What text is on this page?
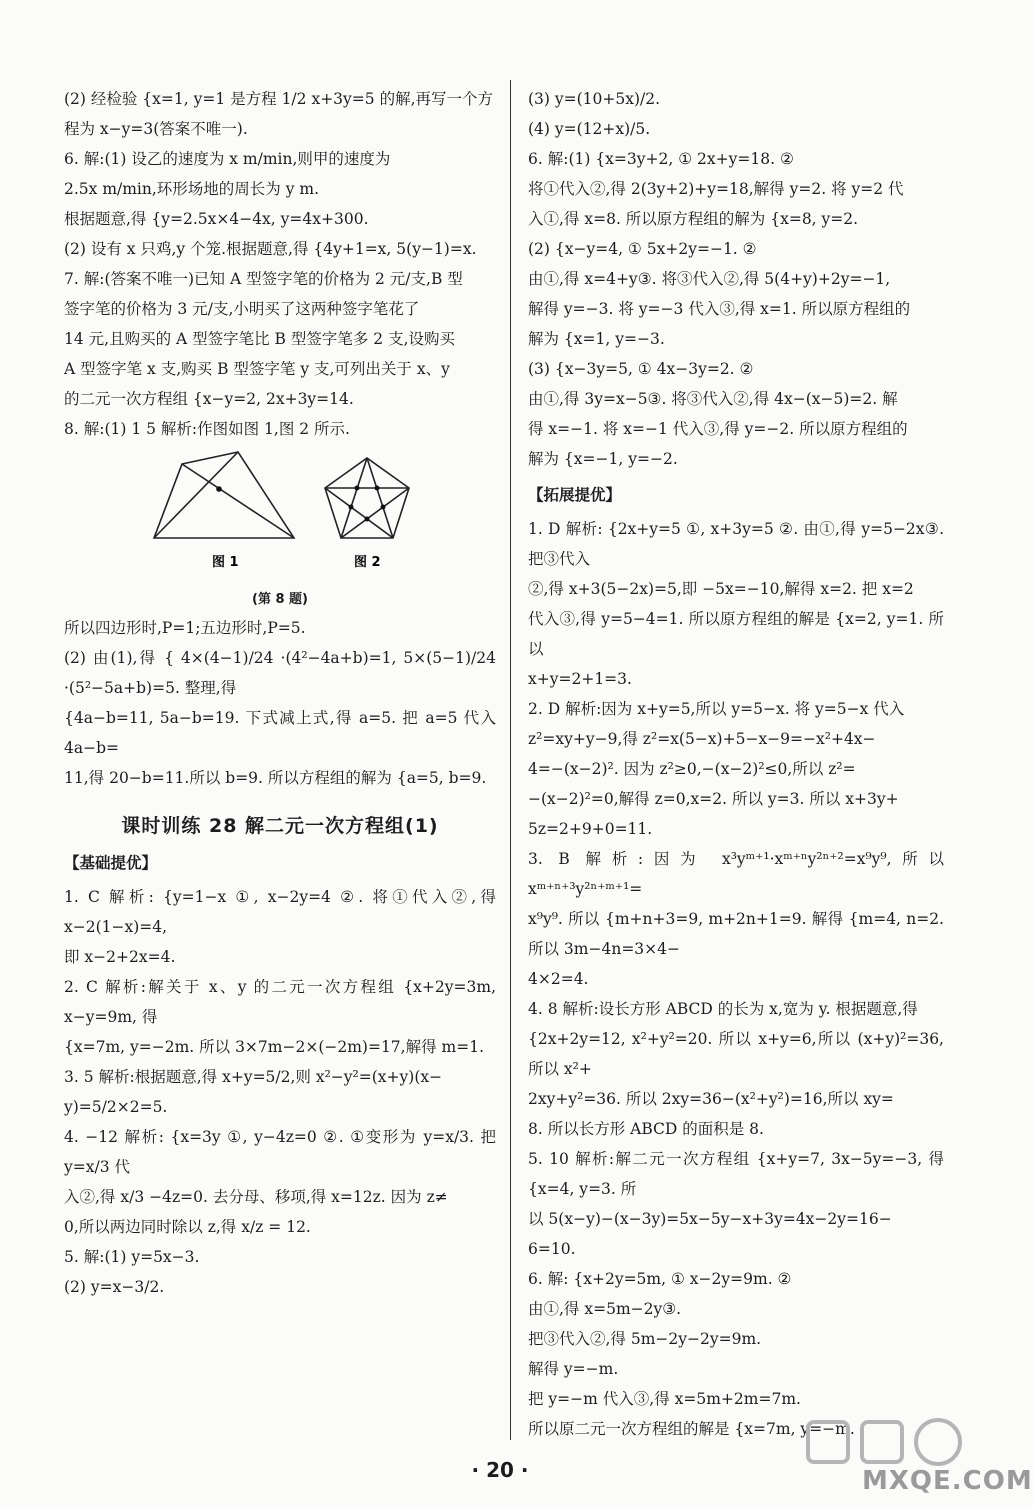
(2) 经检验 {x=1, y=1 是方程 1/2 x+3y=5 的解,再写一个方

程为 x−y=3(答案不唯一).

6. 解:(1) 设乙的速度为 x m/min,则甲的速度为

2.5x m/min,环形场地的周长为 y m.

根据题意,得 {y=2.5x×4−4x, y=4x+300.

(2) 设有 x 只鸡,y 个笼.根据题意,得 {4y+1=x, 5(y−1)=x.

7. 解:(答案不唯一)已知 A 型签字笔的价格为 2 元/支,B 型

签字笔的价格为 3 元/支,小明买了这两种签字笔花了

14 元,且购买的 A 型签字笔比 B 型签字笔多 2 支,设购买

A 型签字笔 x 支,购买 B 型签字笔 y 支,可列出关于 x、y

的二元一次方程组 {x−y=2, 2x+3y=14.

8. 解:(1) 1 5 解析:作图如图 1,图 2 所示.

图 1	图 2
(第 8 题)

所以四边形时,P=1;五边形时,P=5.

(2) 由(1),得 { 4×(4−1)/24 ·(4²−4a+b)=1, 5×(5−1)/24 ·(5²−5a+b)=5. 整理,得

{4a−b=11, 5a−b=19. 下式减上式,得 a=5. 把 a=5 代入 4a−b=

11,得 20−b=11.所以 b=9. 所以方程组的解为 {a=5, b=9.

课时训练 28 解二元一次方程组(1)
【基础提优】

1. C 解析: {y=1−x ①, x−2y=4 ②. 将①代入②,得 x−2(1−x)=4,

即 x−2+2x=4.

2. C 解析:解关于 x、y 的二元一次方程组 {x+2y=3m, x−y=9m, 得

{x=7m, y=−2m. 所以 3×7m−2×(−2m)=17,解得 m=1.

3. 5 解析:根据题意,得 x+y=5/2,则 x²−y²=(x+y)(x−

y)=5/2×2=5.

4. −12 解析: {x=3y ①, y−4z=0 ②. ①变形为 y=x/3. 把 y=x/3 代

入②,得 x/3 −4z=0. 去分母、移项,得 x=12z. 因为 z≠

0,所以两边同时除以 z,得 x/z = 12.

5. 解:(1) y=5x−3.

(2) y=x−3/2.

(3) y=(10+5x)/2.

(4) y=(12+x)/5.

6. 解:(1) {x=3y+2, ① 2x+y=18. ②

将①代入②,得 2(3y+2)+y=18,解得 y=2. 将 y=2 代

入①,得 x=8. 所以原方程组的解为 {x=8, y=2.

(2) {x−y=4, ① 5x+2y=−1. ②

由①,得 x=4+y③. 将③代入②,得 5(4+y)+2y=−1,

解得 y=−3. 将 y=−3 代入③,得 x=1. 所以原方程组的

解为 {x=1, y=−3.

(3) {x−3y=5, ① 4x−3y=2. ②

由①,得 3y=x−5③. 将③代入②,得 4x−(x−5)=2. 解

得 x=−1. 将 x=−1 代入③,得 y=−2. 所以原方程组的

解为 {x=−1, y=−2.

【拓展提优】

1. D 解析: {2x+y=5 ①, x+3y=5 ②. 由①,得 y=5−2x③. 把③代入

②,得 x+3(5−2x)=5,即 −5x=−10,解得 x=2. 把 x=2

代入③,得 y=5−4=1. 所以原方程组的解是 {x=2, y=1. 所以

x+y=2+1=3.

2. D 解析:因为 x+y=5,所以 y=5−x. 将 y=5−x 代入

z²=xy+y−9,得 z²=x(5−x)+5−x−9=−x²+4x−

4=−(x−2)². 因为 z²≥0,−(x−2)²≤0,所以 z²=

−(x−2)²=0,解得 z=0,x=2. 所以 y=3. 所以 x+3y+

5z=2+9+0=11.

3. B 解析:因为 x³yᵐ⁺¹·xᵐ⁺ⁿy²ⁿ⁺²=x⁹y⁹,所以 xᵐ⁺ⁿ⁺³y²ⁿ⁺ᵐ⁺¹=

x⁹y⁹. 所以 {m+n+3=9, m+2n+1=9. 解得 {m=4, n=2. 所以 3m−4n=3×4−

4×2=4.

4. 8 解析:设长方形 ABCD 的长为 x,宽为 y. 根据题意,得

{2x+2y=12, x²+y²=20. 所以 x+y=6,所以 (x+y)²=36,所以 x²+

2xy+y²=36. 所以 2xy=36−(x²+y²)=16,所以 xy=

8. 所以长方形 ABCD 的面积是 8.

5. 10 解析:解二元一次方程组 {x+y=7, 3x−5y=−3, 得 {x=4, y=3. 所

以 5(x−y)−(x−3y)=5x−5y−x+3y=4x−2y=16−

6=10.

6. 解: {x+2y=5m, ① x−2y=9m. ②

由①,得 x=5m−2y③.

把③代入②,得 5m−2y−2y=9m.

解得 y=−m.

把 y=−m 代入③,得 x=5m+2m=7m.

所以原二元一次方程组的解是 {x=7m, y=−m.

· 20 ·	MXQE.COM
